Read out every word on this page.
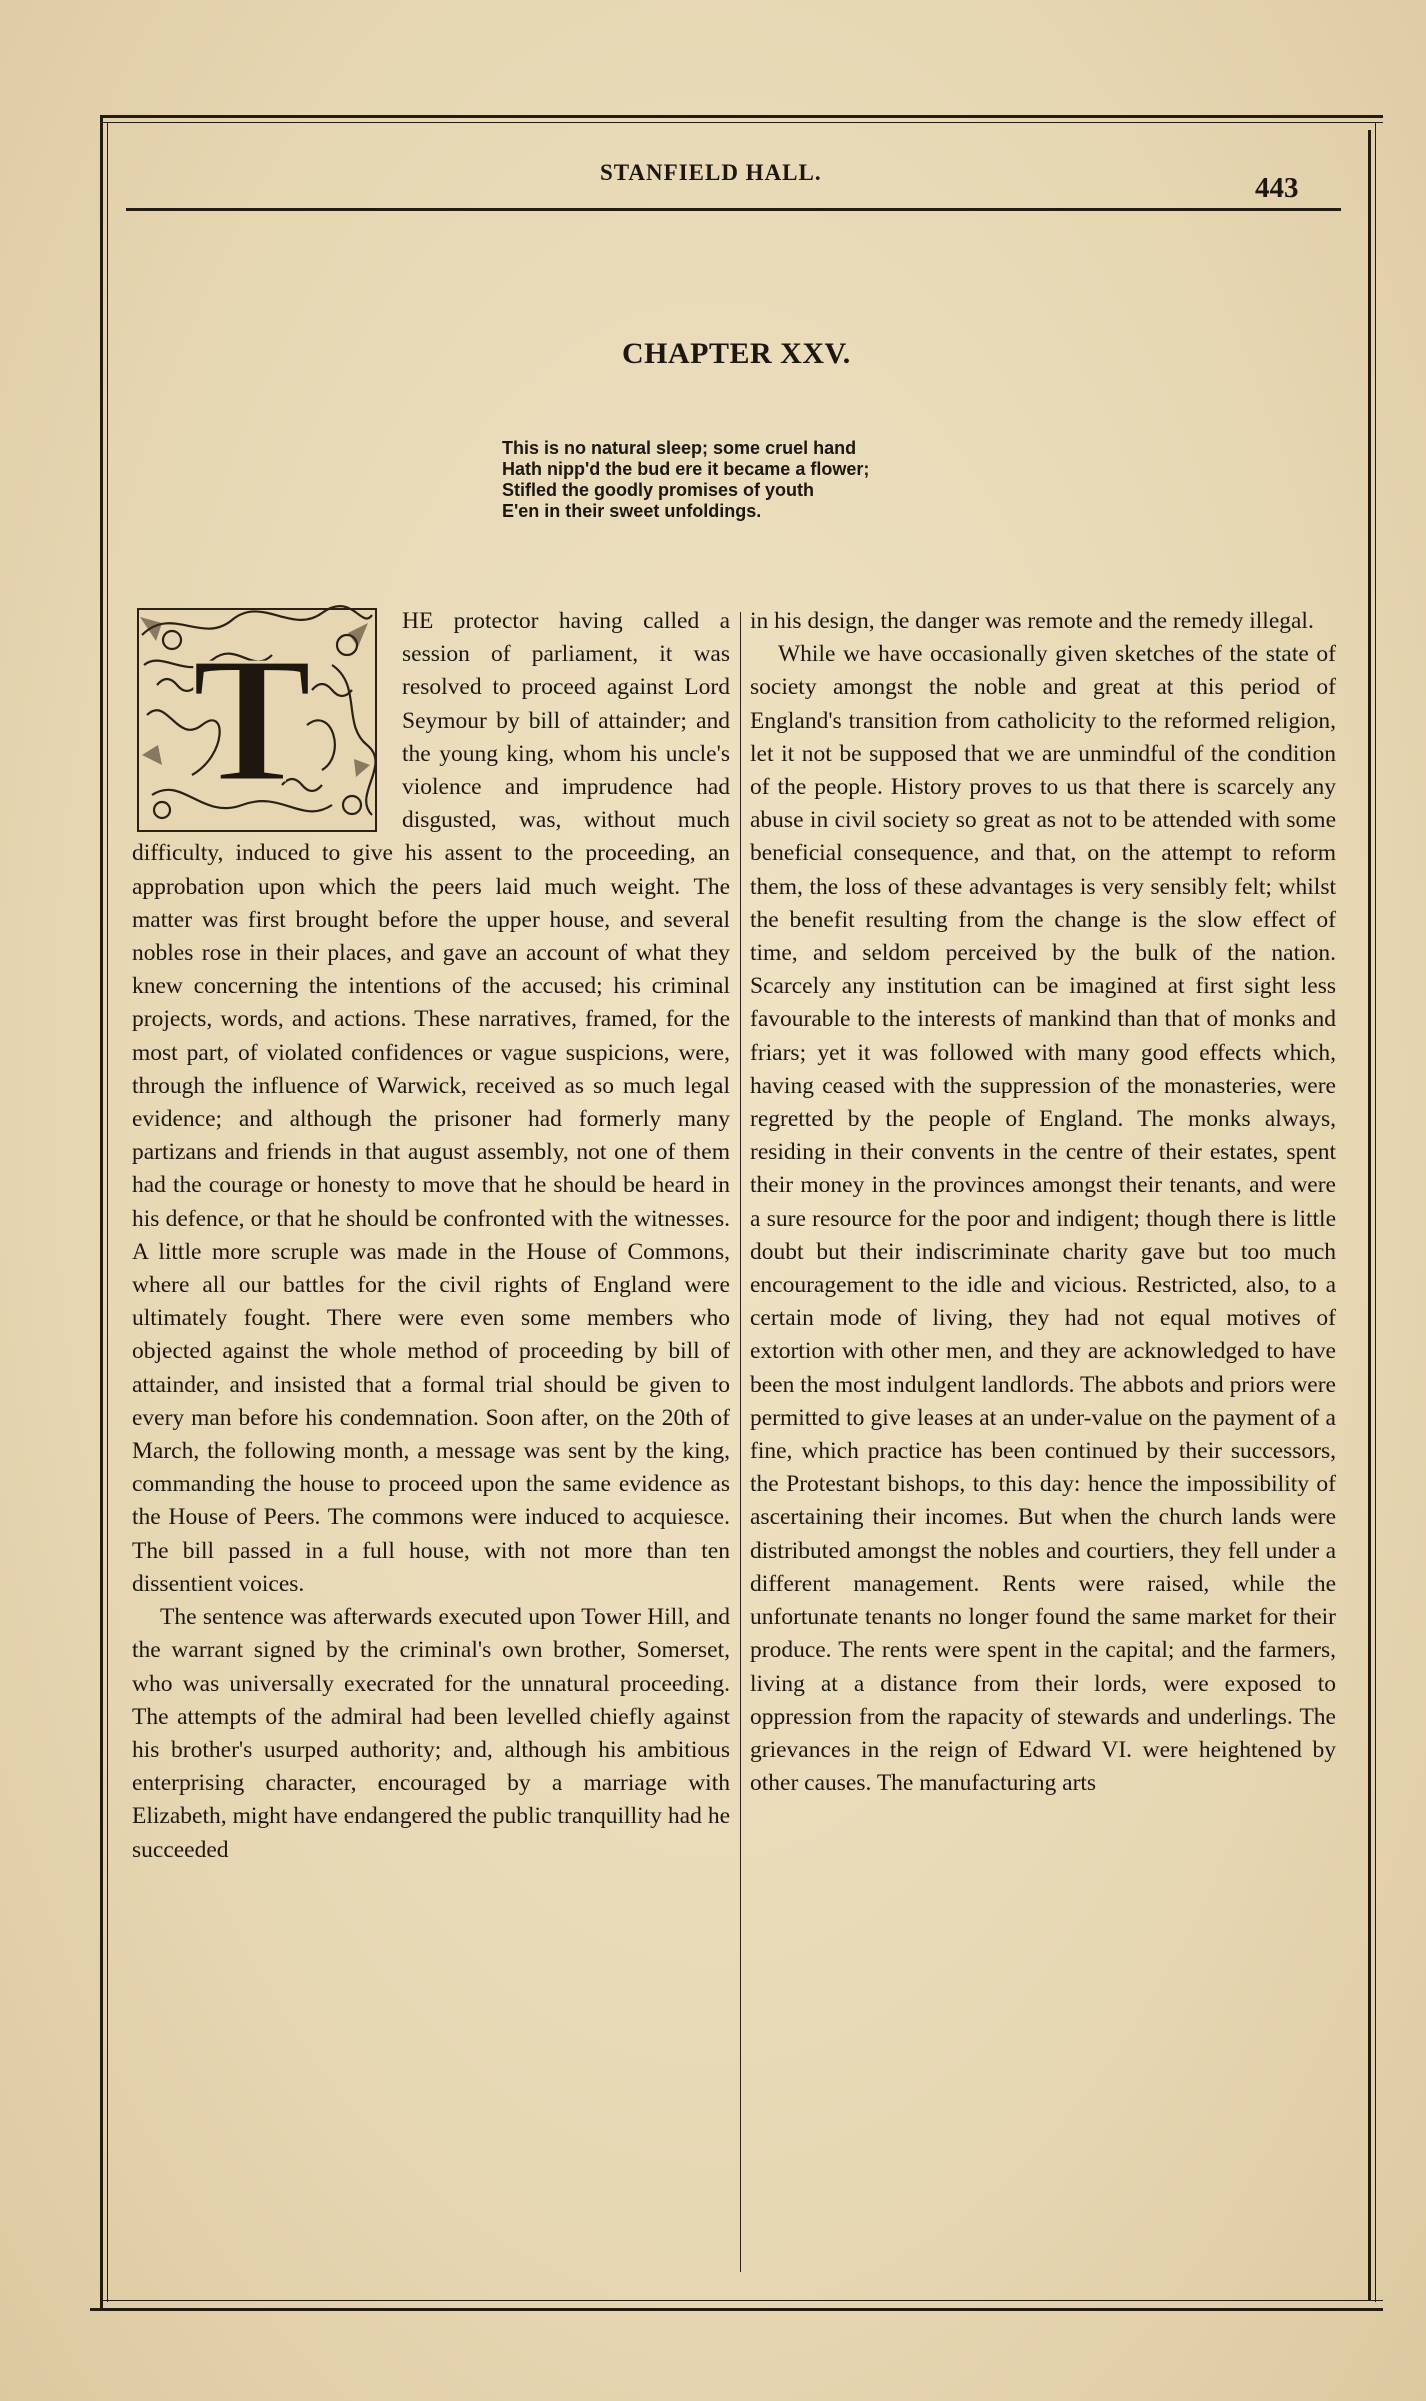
STANFIELD HALL.	443
CHAPTER XXV.
This is no natural sleep; some cruel hand
Hath nipp'd the bud ere it became a flower;
Stifled the goodly promises of youth
E'en in their sweet unfoldings.
T	HE protector having called a session of parliament, it was resolved to proceed against Lord Seymour by bill of attainder; and the young king, whom his uncle's violence and imprudence had disgusted, was, without much difficulty, induced to give his assent to the proceeding, an approbation upon which the peers laid much weight. The matter was first brought before the upper house, and several nobles rose in their places, and gave an account of what they knew concerning the intentions of the accused; his criminal projects, words, and actions. These narratives, framed, for the most part, of violated confidences or vague suspicions, were, through the influence of Warwick, received as so much legal evidence; and although the prisoner had formerly many partizans and friends in that august assembly, not one of them had the courage or honesty to move that he should be heard in his defence, or that he should be confronted with the witnesses. A little more scruple was made in the House of Commons, where all our battles for the civil rights of England were ultimately fought. There were even some members who objected against the whole method of proceeding by bill of attainder, and insisted that a formal trial should be given to every man before his condemnation. Soon after, on the 20th of March, the following month, a message was sent by the king, commanding the house to proceed upon the same evidence as the House of Peers. The commons were induced to acquiesce. The bill passed in a full house, with not more than ten dissentient voices.

The sentence was afterwards executed upon Tower Hill, and the warrant signed by the criminal's own brother, Somerset, who was universally execrated for the unnatural proceeding. The attempts of the admiral had been levelled chiefly against his brother's usurped authority; and, although his ambitious enterprising character, encouraged by a marriage with Elizabeth, might have endangered the public tranquillity had he succeeded

in his design, the danger was remote and the remedy illegal.

While we have occasionally given sketches of the state of society amongst the noble and great at this period of England's transition from catholicity to the reformed religion, let it not be supposed that we are unmindful of the condition of the people. History proves to us that there is scarcely any abuse in civil society so great as not to be attended with some beneficial consequence, and that, on the attempt to reform them, the loss of these advantages is very sensibly felt; whilst the benefit resulting from the change is the slow effect of time, and seldom perceived by the bulk of the nation. Scarcely any institution can be imagined at first sight less favourable to the interests of mankind than that of monks and friars; yet it was followed with many good effects which, having ceased with the suppression of the monasteries, were regretted by the people of England. The monks always, residing in their convents in the centre of their estates, spent their money in the provinces amongst their tenants, and were a sure resource for the poor and indigent; though there is little doubt but their indiscriminate charity gave but too much encouragement to the idle and vicious. Restricted, also, to a certain mode of living, they had not equal motives of extortion with other men, and they are acknowledged to have been the most indulgent landlords. The abbots and priors were permitted to give leases at an under-value on the payment of a fine, which practice has been continued by their successors, the Protestant bishops, to this day: hence the impossibility of ascertaining their incomes. But when the church lands were distributed amongst the nobles and courtiers, they fell under a different management. Rents were raised, while the unfortunate tenants no longer found the same market for their produce. The rents were spent in the capital; and the farmers, living at a distance from their lords, were exposed to oppression from the rapacity of stewards and underlings. The grievances in the reign of Edward VI. were heightened by other causes. The manufacturing arts
